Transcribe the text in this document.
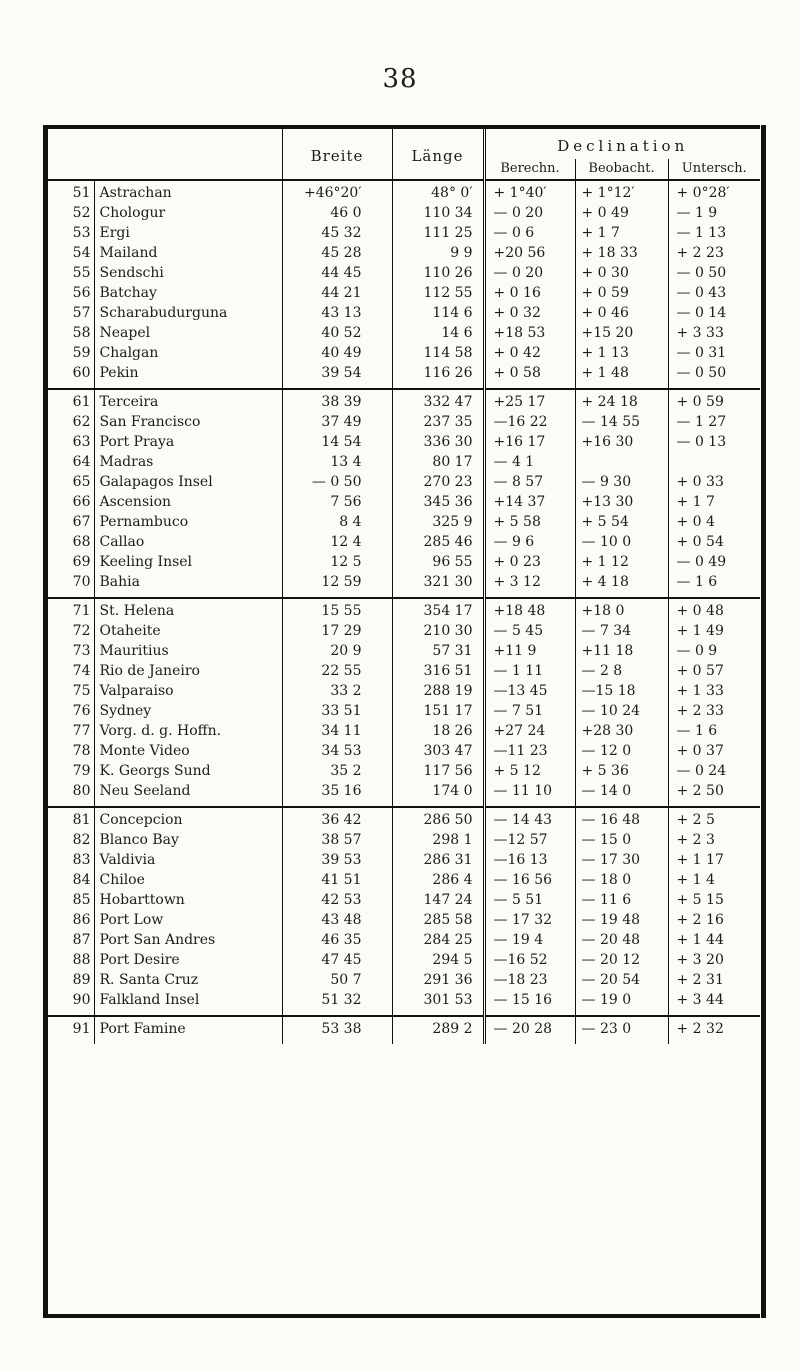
38
		Breite	Länge	Declination		
				Berechn.	Beobacht.	Untersch.
51	Astrachan	+46°20′	48° 0′	+ 1°40′	+ 1°12′	+ 0°28′
52	Chologur	46 0	110 34	— 0 20	+ 0 49	— 1 9
53	Ergi	45 32	111 25	— 0 6	+ 1 7	— 1 13
54	Mailand	45 28	9 9	+20 56	+ 18 33	+ 2 23
55	Sendschi	44 45	110 26	— 0 20	+ 0 30	— 0 50
56	Batchay	44 21	112 55	+ 0 16	+ 0 59	— 0 43
57	Scharabudurguna	43 13	114 6	+ 0 32	+ 0 46	— 0 14
58	Neapel	40 52	14 6	+18 53	+15 20	+ 3 33
59	Chalgan	40 49	114 58	+ 0 42	+ 1 13	— 0 31
60	Pekin	39 54	116 26	+ 0 58	+ 1 48	— 0 50
61	Terceira	38 39	332 47	+25 17	+ 24 18	+ 0 59
62	San Francisco	37 49	237 35	—16 22	— 14 55	— 1 27
63	Port Praya	14 54	336 30	+16 17	+16 30	— 0 13
64	Madras	13 4	80 17	— 4 1		
65	Galapagos Insel	— 0 50	270 23	— 8 57	— 9 30	+ 0 33
66	Ascension	7 56	345 36	+14 37	+13 30	+ 1 7
67	Pernambuco	8 4	325 9	+ 5 58	+ 5 54	+ 0 4
68	Callao	12 4	285 46	— 9 6	— 10 0	+ 0 54
69	Keeling Insel	12 5	96 55	+ 0 23	+ 1 12	— 0 49
70	Bahia	12 59	321 30	+ 3 12	+ 4 18	— 1 6
71	St. Helena	15 55	354 17	+18 48	+18 0	+ 0 48
72	Otaheite	17 29	210 30	— 5 45	— 7 34	+ 1 49
73	Mauritius	20 9	57 31	+11 9	+11 18	— 0 9
74	Rio de Janeiro	22 55	316 51	— 1 11	— 2 8	+ 0 57
75	Valparaiso	33 2	288 19	—13 45	—15 18	+ 1 33
76	Sydney	33 51	151 17	— 7 51	— 10 24	+ 2 33
77	Vorg. d. g. Hoffn.	34 11	18 26	+27 24	+28 30	— 1 6
78	Monte Video	34 53	303 47	—11 23	— 12 0	+ 0 37
79	K. Georgs Sund	35 2	117 56	+ 5 12	+ 5 36	— 0 24
80	Neu Seeland	35 16	174 0	— 11 10	— 14 0	+ 2 50
81	Concepcion	36 42	286 50	— 14 43	— 16 48	+ 2 5
82	Blanco Bay	38 57	298 1	—12 57	— 15 0	+ 2 3
83	Valdivia	39 53	286 31	—16 13	— 17 30	+ 1 17
84	Chiloe	41 51	286 4	— 16 56	— 18 0	+ 1 4
85	Hobarttown	42 53	147 24	— 5 51	— 11 6	+ 5 15
86	Port Low	43 48	285 58	— 17 32	— 19 48	+ 2 16
87	Port San Andres	46 35	284 25	— 19 4	— 20 48	+ 1 44
88	Port Desire	47 45	294 5	—16 52	— 20 12	+ 3 20
89	R. Santa Cruz	50 7	291 36	—18 23	— 20 54	+ 2 31
90	Falkland Insel	51 32	301 53	— 15 16	— 19 0	+ 3 44
91	Port Famine	53 38	289 2	— 20 28	— 23 0	+ 2 32
